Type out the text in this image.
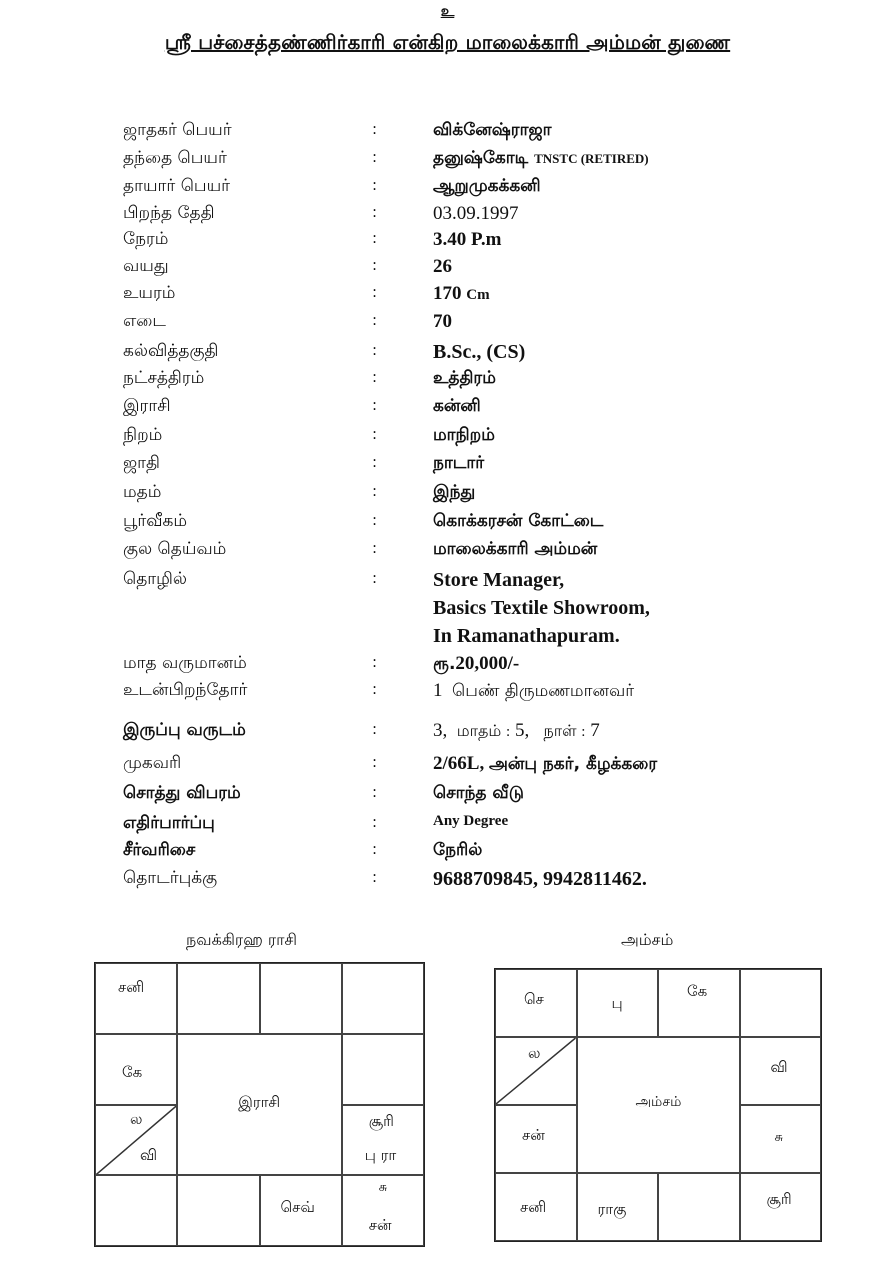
உ
ஸ்ரீ பச்சைத்தண்ணிர்காரி என்கிற மாலைக்காரி அம்மன் துணை
ஜாதகர் பெயர்	:	விக்னேஷ்ராஜா
தந்தை பெயர்	:	தனுஷ்கோடி TNSTC (RETIRED)
தாயார் பெயர்	:	ஆறுமுகக்கனி
பிறந்த தேதி	:	03.09.1997
நேரம்	:	3.40 P.m
வயது	:	26
உயரம்	:	170 Cm
எடை	:	70
கல்வித்தகுதி	:	B.Sc., (CS)
நட்சத்திரம்	:	உத்திரம்
இராசி	:	கன்னி
நிறம்	:	மாநிறம்
ஜாதி	:	நாடார்
மதம்	:	இந்து
பூர்வீகம்	:	கொக்கரசன் கோட்டை
குல தெய்வம்	:	மாலைக்காரி அம்மன்
தொழில்	:	Store Manager,
Basics Textile Showroom,
In Ramanathapuram.
மாத வருமானம்	:	ரூ.20,000/-
உடன்பிறந்தோர்	:	1 பெண் திருமணமானவர்
இருப்பு வருடம்	:	3, மாதம் : 5, நாள் : 7
முகவரி	:	2/66L, அன்பு நகர், கீழக்கரை
சொத்து விபரம்	:	சொந்த வீடு
எதிர்பார்ப்பு	:	Any Degree
சீர்வரிசை	:	நேரில்
தொடர்புக்கு	:	9688709845, 9942811462.
நவக்கிரஹ ராசி
சனி
கே
இராசி
ல
வி
சூரி
பு ரா
செவ்
சு
சன்
அம்சம்
செ	பு
கே
ல
அம்சம்
வி
சன்	சு
சனி	ராகு
சூரி
